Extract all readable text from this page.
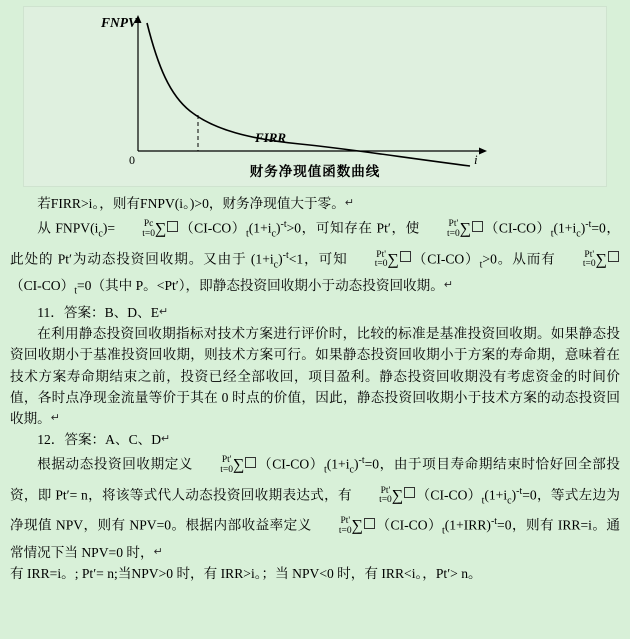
FNPV
0	i
FIRR
财务净现值函数曲线

若FIRR>i。，则有FNPV(i。)>0，财务净现值大于零。↵

从 $FNPV(i_c)=$	Pc
t=0 ∑ $(CI-CO)_t(1+i_c)^{-t}>0$，可知存在 Pt′，使	Pt'
t=0 ∑ $(CI-CO)_t(1+i_c)^{-t}=0$，此处的 Pt′为动态投资回收期。又由于 $(1+i_c)^{-t}<1$，可知	Pt'
t=0 ∑ $(CI-CO)_t>0$。从而有	Pt'
t=0 $\sum(CI-CO)_t=0$（其中 P。<Pt′），即静态投资回收期小于动态投资回收期。↵

11．答案：B、D、E↵

在利用静态投资回收期指标对技术方案进行评价时，比较的标准是基准投资回收期。如果静态投资回收期小于基准投资回收期，则技术方案可行。如果静态投资回收期小于方案的寿命期，意味着在技术方案寿命期结束之前，投资已经全部收回，项目盈利。静态投资回收期没有考虑资金的时间价值，各时点净现金流量等价于其在 0 时点的价值，因此，静态投资回收期小于技术方案的动态投资回收期。↵

12．答案：A、C、D↵

根据动态投资回收期定义	Pt'
t=0 ∑ $(CI-CO)_t(1+i_c)^{-t}=0$，由于项目寿命期结束时恰好回全部投资，即 Pt′= n，将该等式代人动态投资回收期表达式，有	Pt'
t=0 ∑ $(CI-CO)_t(1+i_c)^{-t}=0$，等式左边为净现值 NPV，则有 NPV=0。根据内部收益率定义	Pt'
t=0 ∑ $(CI-CO)_t(1+IRR)^{-t}=0$，则有 IRR=i。通常情况下当 NPV=0 时，↵

有 IRR=i。; Pt′= n;当NPV>0 时，有 IRR>i。；当 NPV<0 时，有 IRR<i。，Pt′> n。
